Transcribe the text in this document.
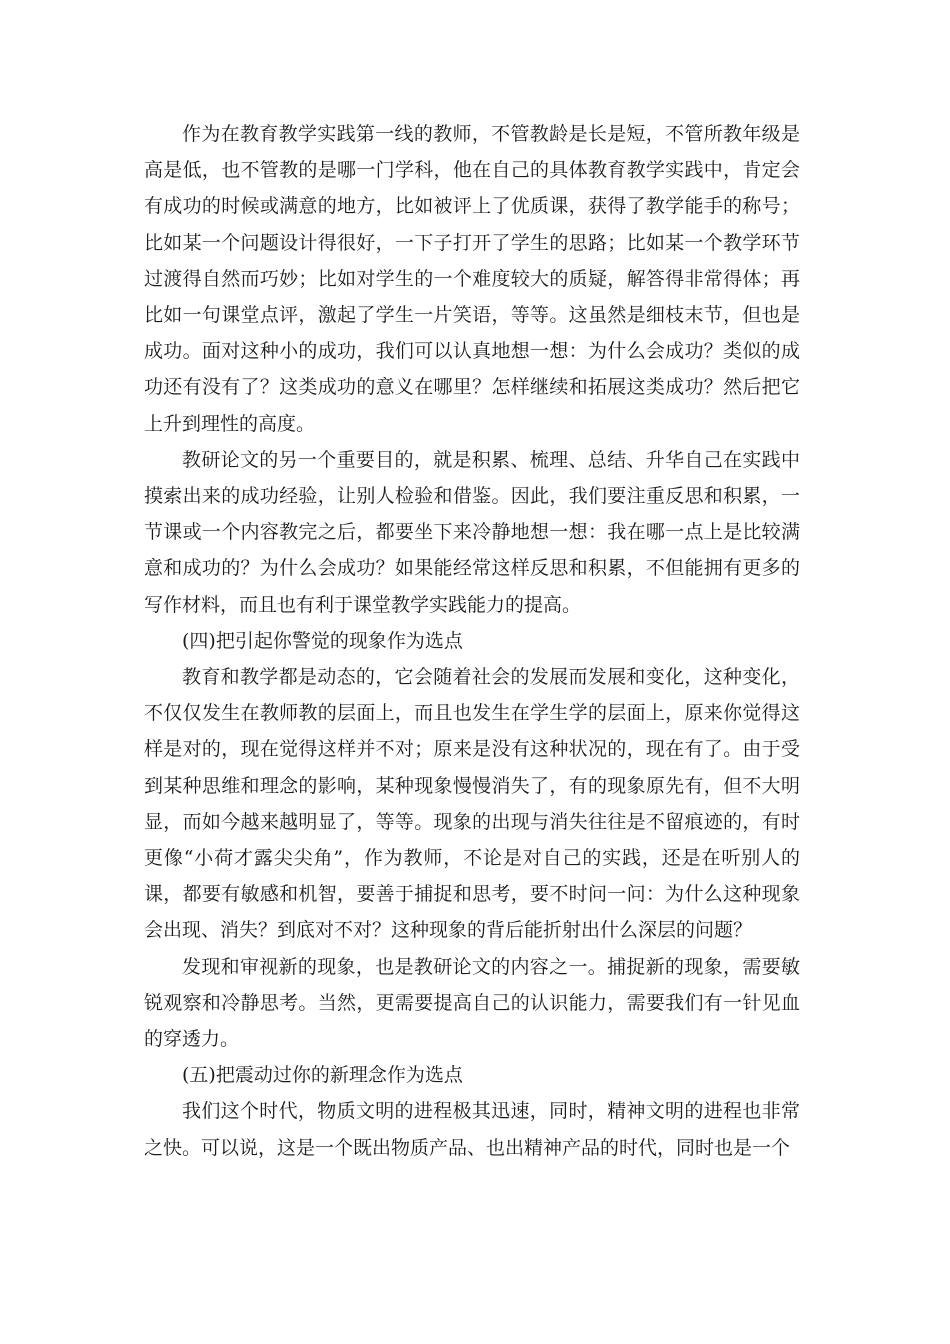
作为在教育教学实践第一线的教师，不管教龄是长是短，不管所教年级是高是低，也不管教的是哪一门学科，他在自己的具体教育教学实践中，肯定会有成功的时候或满意的地方，比如被评上了优质课，获得了教学能手的称号；比如某一个问题设计得很好，一下子打开了学生的思路；比如某一个教学环节过渡得自然而巧妙；比如对学生的一个难度较大的质疑，解答得非常得体；再比如一句课堂点评，激起了学生一片笑语，等等。这虽然是细枝末节，但也是成功。面对这种小的成功，我们可以认真地想一想：为什么会成功？类似的成功还有没有了？这类成功的意义在哪里？怎样继续和拓展这类成功？然后把它上升到理性的高度。

教研论文的另一个重要目的，就是积累、梳理、总结、升华自己在实践中摸索出来的成功经验，让别人检验和借鉴。因此，我们要注重反思和积累，一节课或一个内容教完之后，都要坐下来冷静地想一想：我在哪一点上是比较满意和成功的？为什么会成功？如果能经常这样反思和积累，不但能拥有更多的写作材料，而且也有利于课堂教学实践能力的提高。

(四)把引起你警觉的现象作为选点

教育和教学都是动态的，它会随着社会的发展而发展和变化，这种变化，不仅仅发生在教师教的层面上，而且也发生在学生学的层面上，原来你觉得这样是对的，现在觉得这样并不对；原来是没有这种状况的，现在有了。由于受到某种思维和理念的影响，某种现象慢慢消失了，有的现象原先有，但不大明显，而如今越来越明显了，等等。现象的出现与消失往往是不留痕迹的，有时更像“小荷才露尖尖角”，作为教师，不论是对自己的实践，还是在听别人的课，都要有敏感和机智，要善于捕捉和思考，要不时问一问：为什么这种现象会出现、消失？到底对不对？这种现象的背后能折射出什么深层的问题？

发现和审视新的现象，也是教研论文的内容之一。捕捉新的现象，需要敏锐观察和冷静思考。当然，更需要提高自己的认识能力，需要我们有一针见血的穿透力。

(五)把震动过你的新理念作为选点

我们这个时代，物质文明的进程极其迅速，同时，精神文明的进程也非常之快。可以说，这是一个既出物质产品、也出精神产品的时代，同时也是一个
